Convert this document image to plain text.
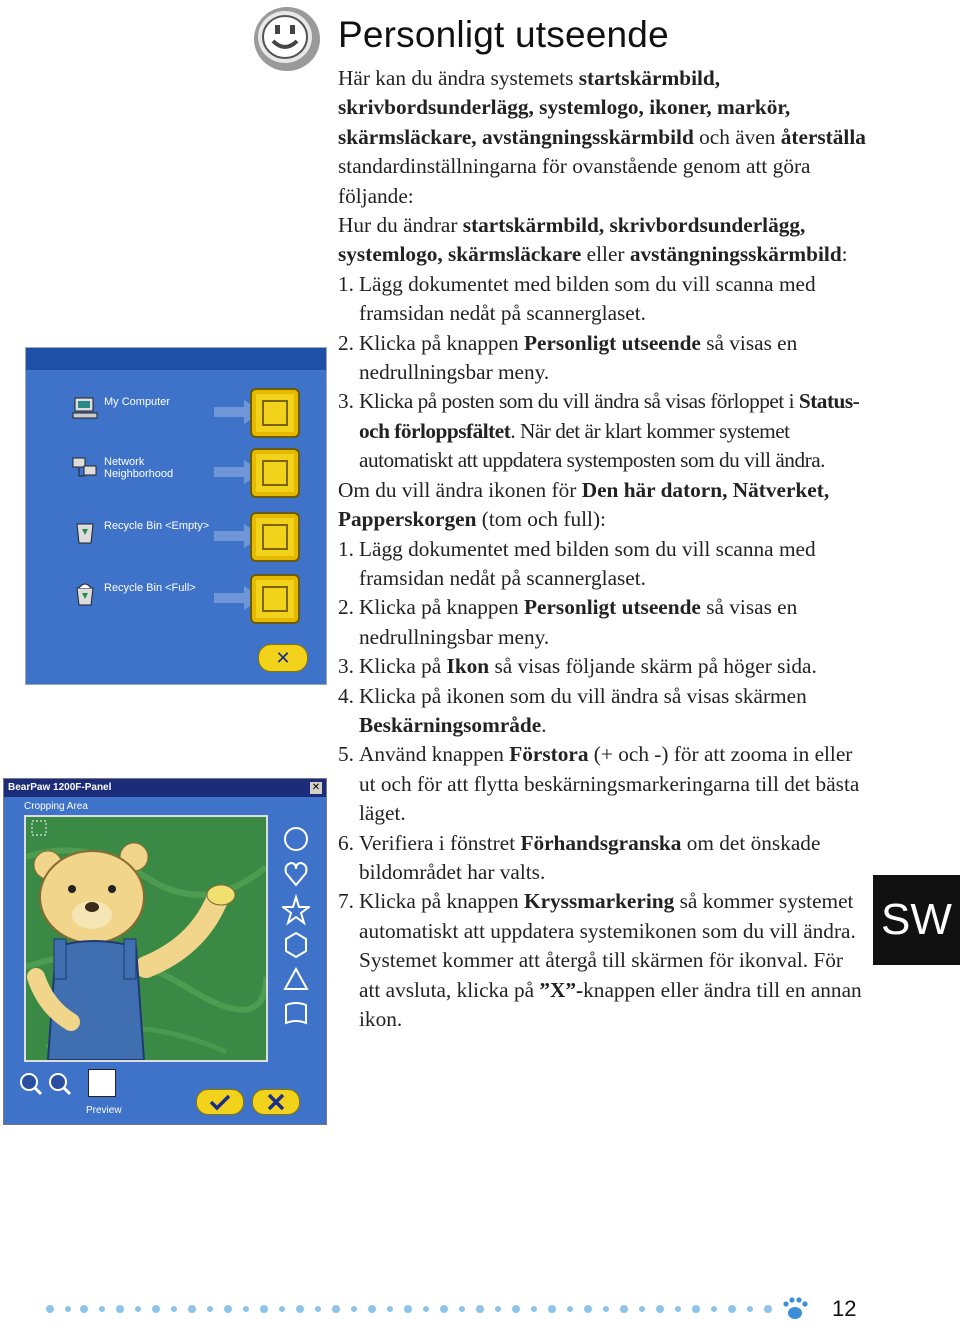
Personligt utseende

Här kan du ändra systemets startskärmbild, skrivbordsunderlägg, systemlogo, ikoner, markör, skärmsläckare, avstängningsskärmbild och även återställa standardinställningarna för ovanstående genom att göra följande:

Hur du ändrar startskärmbild, skrivbordsunderlägg, systemlogo, skärmsläckare eller avstängningsskärmbild:

1. Lägg dokumentet med bilden som du vill scanna med framsidan nedåt på scannerglaset.
2. Klicka på knappen Personligt utseende så visas en nedrullningsbar meny.
3. Klicka på posten som du vill ändra så visas förloppet i Status- och förloppsfältet. När det är klart kommer systemet automatiskt att uppdatera systemposten som du vill ändra.

Om du vill ändra ikonen för Den här datorn, Nätverket, Papperskorgen (tom och full):

1. Lägg dokumentet med bilden som du vill scanna med framsidan nedåt på scannerglaset.
2. Klicka på knappen Personligt utseende så visas en nedrullningsbar meny.
3. Klicka på Ikon så visas följande skärm på höger sida.
4. Klicka på ikonen som du vill ändra så visas skärmen Beskärningsområde.
5. Använd knappen Förstora (+ och -) för att zooma in eller ut och för att flytta beskärningsmarkeringarna till det bästa läget.
6. Verifiera i fönstret Förhandsgranska om det önskade bildområdet har valts.
7. Klicka på knappen Kryssmarkering så kommer systemet automatiskt att uppdatera systemikonen som du vill ändra. Systemet kommer att återgå till skärmen för ikonval. För att avsluta, klicka på ”X”-knappen eller ändra till en annan ikon.
SW
My Computer
Network Neighborhood
Recycle Bin <Empty>
Recycle Bin <Full>
✕
BearPaw 1200F-Panel	✕
Cropping Area
Preview
12
